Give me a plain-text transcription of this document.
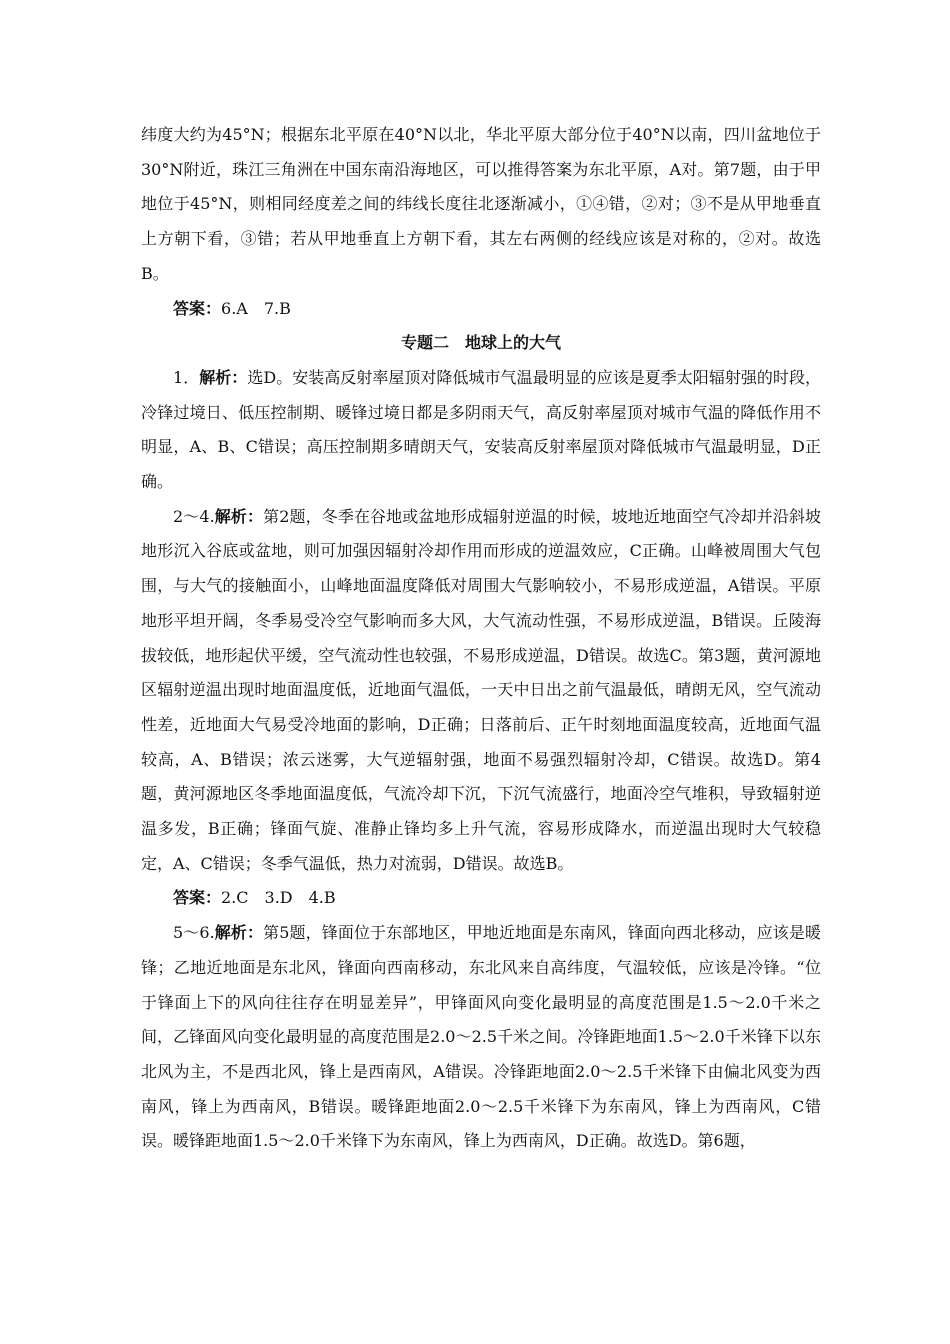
纬度大约为45°N；根据东北平原在40°N以北，华北平原大部分位于40°N以南，四川盆地位于30°N附近，珠江三角洲在中国东南沿海地区，可以推得答案为东北平原，A对。第7题，由于甲地位于45°N，则相同经度差之间的纬线长度往北逐渐减小，①④错，②对；③不是从甲地垂直上方朝下看，③错；若从甲地垂直上方朝下看，其左右两侧的经线应该是对称的，②对。故选B。

答案：6.A　7.B

专题二　地球上的大气

1．解析：选D。安装高反射率屋顶对降低城市气温最明显的应该是夏季太阳辐射强的时段，冷锋过境日、低压控制期、暖锋过境日都是多阴雨天气，高反射率屋顶对城市气温的降低作用不明显，A、B、C错误；高压控制期多晴朗天气，安装高反射率屋顶对降低城市气温最明显，D正确。

2～4.解析：第2题，冬季在谷地或盆地形成辐射逆温的时候，坡地近地面空气冷却并沿斜坡地形沉入谷底或盆地，则可加强因辐射冷却作用而形成的逆温效应，C正确。山峰被周围大气包围，与大气的接触面小，山峰地面温度降低对周围大气影响较小，不易形成逆温，A错误。平原地形平坦开阔，冬季易受冷空气影响而多大风，大气流动性强，不易形成逆温，B错误。丘陵海拔较低，地形起伏平缓，空气流动性也较强，不易形成逆温，D错误。故选C。第3题，黄河源地区辐射逆温出现时地面温度低，近地面气温低，一天中日出之前气温最低，晴朗无风，空气流动性差，近地面大气易受冷地面的影响，D正确；日落前后、正午时刻地面温度较高，近地面气温较高，A、B错误；浓云迷雾，大气逆辐射强，地面不易强烈辐射冷却，C错误。故选D。第4题，黄河源地区冬季地面温度低，气流冷却下沉，下沉气流盛行，地面冷空气堆积，导致辐射逆温多发，B正确；锋面气旋、准静止锋均多上升气流，容易形成降水，而逆温出现时大气较稳定，A、C错误；冬季气温低，热力对流弱，D错误。故选B。

答案：2.C　3.D　4.B

5～6.解析：第5题，锋面位于东部地区，甲地近地面是东南风，锋面向西北移动，应该是暖锋；乙地近地面是东北风，锋面向西南移动，东北风来自高纬度，气温较低，应该是冷锋。“位于锋面上下的风向往往存在明显差异”，甲锋面风向变化最明显的高度范围是1.5～2.0千米之间，乙锋面风向变化最明显的高度范围是2.0～2.5千米之间。冷锋距地面1.5～2.0千米锋下以东北风为主，不是西北风，锋上是西南风，A错误。冷锋距地面2.0～2.5千米锋下由偏北风变为西南风，锋上为西南风，B错误。暖锋距地面2.0～2.5千米锋下为东南风，锋上为西南风，C错误。暖锋距地面1.5～2.0千米锋下为东南风，锋上为西南风，D正确。故选D。第6题，
